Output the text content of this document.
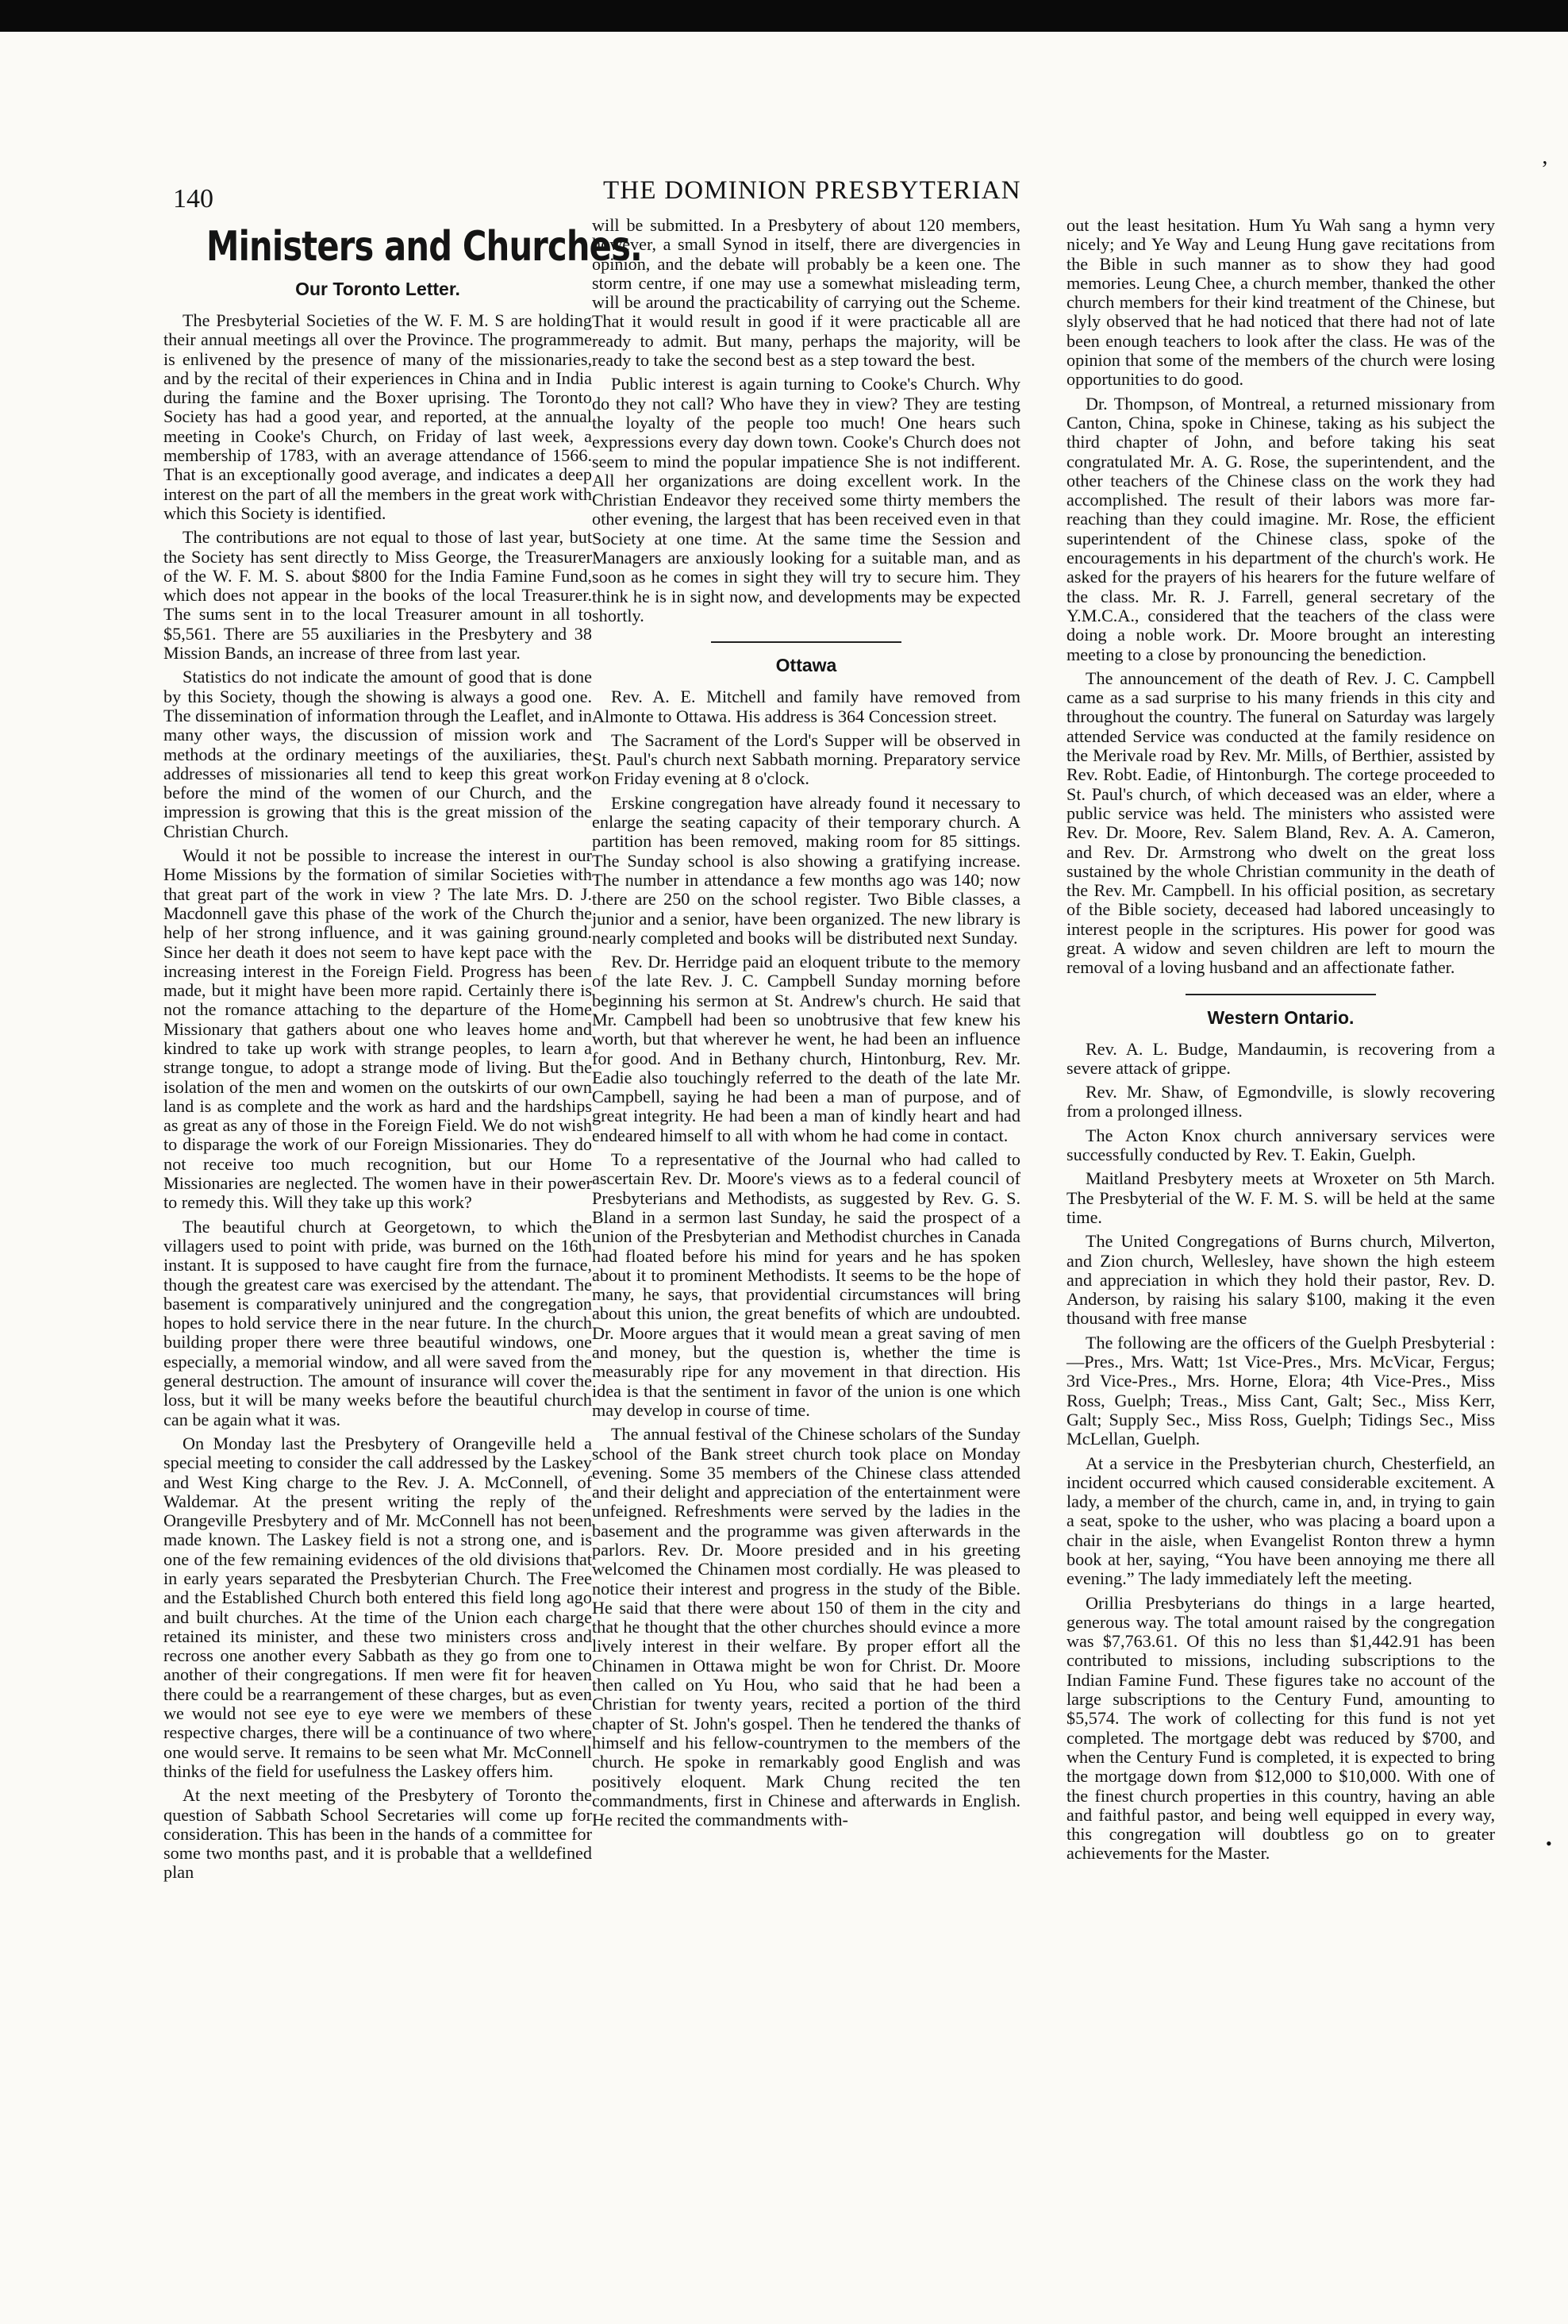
’
•
140	THE DOMINION PRESBYTERIAN
Ministers and Churches.
Our Toronto Letter.

The Presbyterial Societies of the W. F. M. S are holding their annual meetings all over the Province. The programme is enlivened by the presence of many of the missionaries, and by the recital of their experiences in China and in India during the famine and the Boxer uprising. The Toronto Society has had a good year, and reported, at the annual meeting in Cooke's Church, on Friday of last week, a membership of 1783, with an average attendance of 1566. That is an exceptionally good average, and indicates a deep interest on the part of all the members in the great work with which this Society is identified.

The contributions are not equal to those of last year, but the Society has sent directly to Miss George, the Treasurer of the W. F. M. S. about $800 for the India Famine Fund, which does not appear in the books of the local Treasurer. The sums sent in to the local Treasurer amount in all to $5,561. There are 55 auxiliaries in the Presbytery and 38 Mission Bands, an increase of three from last year.

Statistics do not indicate the amount of good that is done by this Society, though the showing is always a good one. The dissemination of information through the Leaflet, and in many other ways, the discussion of mission work and methods at the ordinary meetings of the auxiliaries, the addresses of missionaries all tend to keep this great work before the mind of the women of our Church, and the impression is growing that this is the great mission of the Christian Church.

Would it not be possible to increase the interest in our Home Missions by the formation of similar Societies with that great part of the work in view ? The late Mrs. D. J. Macdonnell gave this phase of the work of the Church the help of her strong influence, and it was gaining ground. Since her death it does not seem to have kept pace with the increasing interest in the Foreign Field. Progress has been made, but it might have been more rapid. Certainly there is not the romance attaching to the departure of the Home Missionary that gathers about one who leaves home and kindred to take up work with strange peoples, to learn a strange tongue, to adopt a strange mode of living. But the isolation of the men and women on the outskirts of our own land is as complete and the work as hard and the hardships as great as any of those in the Foreign Field. We do not wish to disparage the work of our Foreign Missionaries. They do not receive too much recognition, but our Home Missionaries are neglected. The women have in their power to remedy this. Will they take up this work?

The beautiful church at Georgetown, to which the villagers used to point with pride, was burned on the 16th instant. It is supposed to have caught fire from the furnace, though the greatest care was exercised by the attendant. The basement is comparatively uninjured and the congregation hopes to hold service there in the near future. In the church building proper there were three beautiful windows, one especially, a memorial window, and all were saved from the general destruction. The amount of insurance will cover the loss, but it will be many weeks before the beautiful church can be again what it was.

On Monday last the Presbytery of Orangeville held a special meeting to consider the call addressed by the Laskey and West King charge to the Rev. J. A. McConnell, of Waldemar. At the present writing the reply of the Orangeville Presbytery and of Mr. McConnell has not been made known. The Laskey field is not a strong one, and is one of the few remaining evidences of the old divisions that in early years separated the Presbyterian Church. The Free and the Established Church both entered this field long ago and built churches. At the time of the Union each charge retained its minister, and these two ministers cross and recross one another every Sabbath as they go from one to another of their congregations. If men were fit for heaven there could be a rearrangement of these charges, but as even we would not see eye to eye were we members of these respective charges, there will be a continuance of two where one would serve. It remains to be seen what Mr. McConnell thinks of the field for usefulness the Laskey offers him.

At the next meeting of the Presbytery of Toronto the question of Sabbath School Secretaries will come up for consideration. This has been in the hands of a committee for some two months past, and it is probable that a welldefined plan

will be submitted. In a Presbytery of about 120 members, however, a small Synod in itself, there are divergencies in opinion, and the debate will probably be a keen one. The storm centre, if one may use a somewhat misleading term, will be around the practicability of carrying out the Scheme. That it would result in good if it were practicable all are ready to admit. But many, perhaps the majority, will be ready to take the second best as a step toward the best.

Public interest is again turning to Cooke's Church. Why do they not call? Who have they in view? They are testing the loyalty of the people too much! One hears such expressions every day down town. Cooke's Church does not seem to mind the popular impatience She is not indifferent. All her organizations are doing excellent work. In the Christian Endeavor they received some thirty members the other evening, the largest that has been received even in that Society at one time. At the same time the Session and Managers are anxiously looking for a suitable man, and as soon as he comes in sight they will try to secure him. They think he is in sight now, and developments may be expected shortly.

Ottawa

Rev. A. E. Mitchell and family have removed from Almonte to Ottawa. His address is 364 Concession street.

The Sacrament of the Lord's Supper will be observed in St. Paul's church next Sabbath morning. Preparatory service on Friday evening at 8 o'clock.

Erskine congregation have already found it necessary to enlarge the seating capacity of their temporary church. A partition has been removed, making room for 85 sittings. The Sunday school is also showing a gratifying increase. The number in attendance a few months ago was 140; now there are 250 on the school register. Two Bible classes, a junior and a senior, have been organized. The new library is nearly completed and books will be distributed next Sunday.

Rev. Dr. Herridge paid an eloquent tribute to the memory of the late Rev. J. C. Campbell Sunday morning before beginning his sermon at St. Andrew's church. He said that Mr. Campbell had been so unobtrusive that few knew his worth, but that wherever he went, he had been an influence for good. And in Bethany church, Hintonburg, Rev. Mr. Eadie also touchingly referred to the death of the late Mr. Campbell, saying he had been a man of purpose, and of great integrity. He had been a man of kindly heart and had endeared himself to all with whom he had come in contact.

To a representative of the Journal who had called to ascertain Rev. Dr. Moore's views as to a federal council of Presbyterians and Methodists, as suggested by Rev. G. S. Bland in a sermon last Sunday, he said the prospect of a union of the Presbyterian and Methodist churches in Canada had floated before his mind for years and he has spoken about it to prominent Methodists. It seems to be the hope of many, he says, that providential circumstances will bring about this union, the great benefits of which are undoubted. Dr. Moore argues that it would mean a great saving of men and money, but the question is, whether the time is measurably ripe for any movement in that direction. His idea is that the sentiment in favor of the union is one which may develop in course of time.

The annual festival of the Chinese scholars of the Sunday school of the Bank street church took place on Monday evening. Some 35 members of the Chinese class attended and their delight and appreciation of the entertainment were unfeigned. Refreshments were served by the ladies in the basement and the programme was given afterwards in the parlors. Rev. Dr. Moore presided and in his greeting welcomed the Chinamen most cordially. He was pleased to notice their interest and progress in the study of the Bible. He said that there were about 150 of them in the city and that he thought that the other churches should evince a more lively interest in their welfare. By proper effort all the Chinamen in Ottawa might be won for Christ. Dr. Moore then called on Yu Hou, who said that he had been a Christian for twenty years, recited a portion of the third chapter of St. John's gospel. Then he tendered the thanks of himself and his fellow-countrymen to the members of the church. He spoke in remarkably good English and was positively eloquent. Mark Chung recited the ten commandments, first in Chinese and afterwards in English. He recited the commandments with-

out the least hesitation. Hum Yu Wah sang a hymn very nicely; and Ye Way and Leung Hung gave recitations from the Bible in such manner as to show they had good memories. Leung Chee, a church member, thanked the other church members for their kind treatment of the Chinese, but slyly observed that he had noticed that there had not of late been enough teachers to look after the class. He was of the opinion that some of the members of the church were losing opportunities to do good.

Dr. Thompson, of Montreal, a returned missionary from Canton, China, spoke in Chinese, taking as his subject the third chapter of John, and before taking his seat congratulated Mr. A. G. Rose, the superintendent, and the other teachers of the Chinese class on the work they had accomplished. The result of their labors was more far-reaching than they could imagine. Mr. Rose, the efficient superintendent of the Chinese class, spoke of the encouragements in his department of the church's work. He asked for the prayers of his hearers for the future welfare of the class. Mr. R. J. Farrell, general secretary of the Y.M.C.A., considered that the teachers of the class were doing a noble work. Dr. Moore brought an interesting meeting to a close by pronouncing the benediction.

The announcement of the death of Rev. J. C. Campbell came as a sad surprise to his many friends in this city and throughout the country. The funeral on Saturday was largely attended Service was conducted at the family residence on the Merivale road by Rev. Mr. Mills, of Berthier, assisted by Rev. Robt. Eadie, of Hintonburgh. The cortege proceeded to St. Paul's church, of which deceased was an elder, where a public service was held. The ministers who assisted were Rev. Dr. Moore, Rev. Salem Bland, Rev. A. A. Cameron, and Rev. Dr. Armstrong who dwelt on the great loss sustained by the whole Christian community in the death of the Rev. Mr. Campbell. In his official position, as secretary of the Bible society, deceased had labored unceasingly to interest people in the scriptures. His power for good was great. A widow and seven children are left to mourn the removal of a loving husband and an affectionate father.

Western Ontario.

Rev. A. L. Budge, Mandaumin, is recovering from a severe attack of grippe.

Rev. Mr. Shaw, of Egmondville, is slowly recovering from a prolonged illness.

The Acton Knox church anniversary services were successfully conducted by Rev. T. Eakin, Guelph.

Maitland Presbytery meets at Wroxeter on 5th March. The Presbyterial of the W. F. M. S. will be held at the same time.

The United Congregations of Burns church, Milverton, and Zion church, Wellesley, have shown the high esteem and appreciation in which they hold their pastor, Rev. D. Anderson, by raising his salary $100, making it the even thousand with free manse

The following are the officers of the Guelph Presbyterial :—Pres., Mrs. Watt; 1st Vice-Pres., Mrs. McVicar, Fergus; 3rd Vice-Pres., Mrs. Horne, Elora; 4th Vice-Pres., Miss Ross, Guelph; Treas., Miss Cant, Galt; Sec., Miss Kerr, Galt; Supply Sec., Miss Ross, Guelph; Tidings Sec., Miss McLellan, Guelph.

At a service in the Presbyterian church, Chesterfield, an incident occurred which caused considerable excitement. A lady, a member of the church, came in, and, in trying to gain a seat, spoke to the usher, who was placing a board upon a chair in the aisle, when Evangelist Ronton threw a hymn book at her, saying, “You have been annoying me there all evening.” The lady immediately left the meeting.

Orillia Presbyterians do things in a large hearted, generous way. The total amount raised by the congregation was $7,763.61. Of this no less than $1,442.91 has been contributed to missions, including subscriptions to the Indian Famine Fund. These figures take no account of the large subscriptions to the Century Fund, amounting to $5,574. The work of collecting for this fund is not yet completed. The mortgage debt was reduced by $700, and when the Century Fund is completed, it is expected to bring the mortgage down from $12,000 to $10,000. With one of the finest church properties in this country, having an able and faithful pastor, and being well equipped in every way, this congregation will doubtless go on to greater achievements for the Master.
